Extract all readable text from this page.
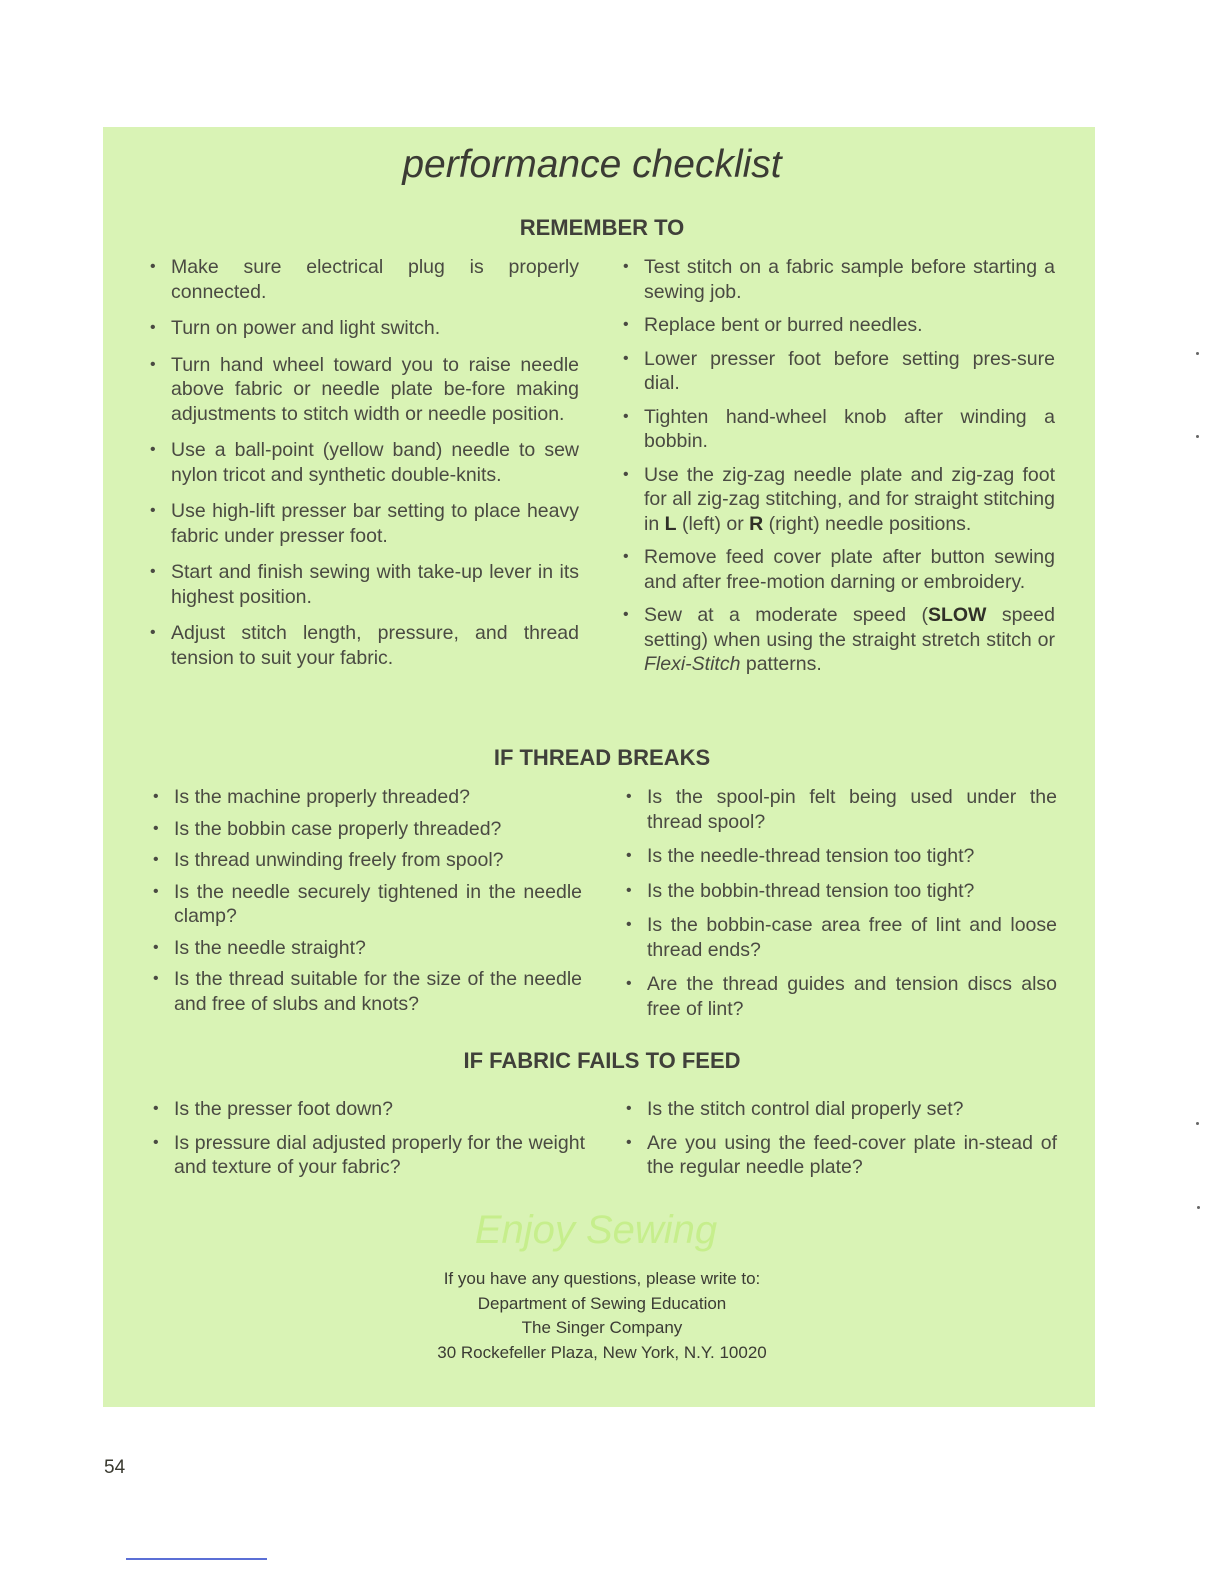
performance checklist
REMEMBER TO
• Make sure electrical plug is properly connected.
• Turn on power and light switch.
• Turn hand wheel toward you to raise needle above fabric or needle plate be-fore making adjustments to stitch width or needle position.
• Use a ball-point (yellow band) needle to sew nylon tricot and synthetic double-knits.
• Use high-lift presser bar setting to place heavy fabric under presser foot.
• Start and finish sewing with take-up lever in its highest position.
• Adjust stitch length, pressure, and thread tension to suit your fabric.
• Test stitch on a fabric sample before starting a sewing job.
• Replace bent or burred needles.
• Lower presser foot before setting pres-sure dial.
• Tighten hand-wheel knob after winding a bobbin.
• Use the zig-zag needle plate and zig-zag foot for all zig-zag stitching, and for straight stitching in L (left) or R (right) needle positions.
• Remove feed cover plate after button sewing and after free-motion darning or embroidery.
• Sew at a moderate speed (SLOW speed setting) when using the straight stretch stitch or Flexi-Stitch patterns.
IF THREAD BREAKS
• Is the machine properly threaded?
• Is the bobbin case properly threaded?
• Is thread unwinding freely from spool?
• Is the needle securely tightened in the needle clamp?
• Is the needle straight?
• Is the thread suitable for the size of the needle and free of slubs and knots?
• Is the spool-pin felt being used under the thread spool?
• Is the needle-thread tension too tight?
• Is the bobbin-thread tension too tight?
• Is the bobbin-case area free of lint and loose thread ends?
• Are the thread guides and tension discs also free of lint?
IF FABRIC FAILS TO FEED
• Is the presser foot down?
• Is pressure dial adjusted properly for the weight and texture of your fabric?
• Is the stitch control dial properly set?
• Are you using the feed-cover plate in-stead of the regular needle plate?
Enjoy Sewing
If you have any questions, please write to:
Department of Sewing Education
The Singer Company
30 Rockefeller Plaza, New York, N.Y. 10020
54
